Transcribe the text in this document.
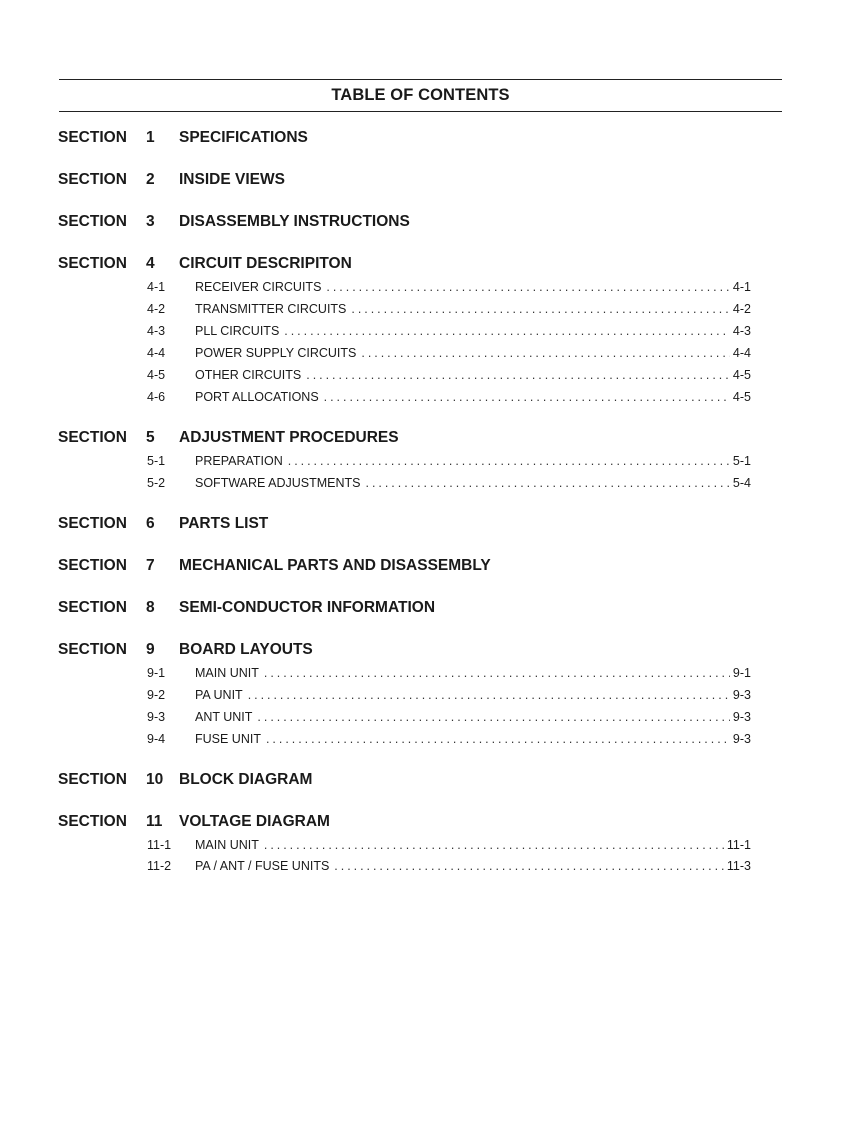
TABLE OF CONTENTS
SECTION 1 SPECIFICATIONS
SECTION 2 INSIDE VIEWS
SECTION 3 DISASSEMBLY INSTRUCTIONS
SECTION 4 CIRCUIT DESCRIPITON
4-1 RECEIVER CIRCUITS . . .	4-1
4-2 TRANSMITTER CIRCUITS . . .	4-2
4-3 PLL CIRCUITS . . .	4-3
4-4 POWER SUPPLY CIRCUITS . . .	4-4
4-5 OTHER CIRCUITS . . .	4-5
4-6 PORT ALLOCATIONS . . .	4-5
SECTION 5 ADJUSTMENT PROCEDURES
5-1 PREPARATION . . .	5-1
5-2 SOFTWARE ADJUSTMENTS . . .	5-4
SECTION 6 PARTS LIST
SECTION 7 MECHANICAL PARTS AND DISASSEMBLY
SECTION 8 SEMI-CONDUCTOR INFORMATION
SECTION 9 BOARD LAYOUTS
9-1 MAIN UNIT . . .	9-1
9-2 PA UNIT . . .	9-3
9-3 ANT UNIT . . .	9-3
9-4 FUSE UNIT . . .	9-3
SECTION 10 BLOCK DIAGRAM
SECTION 11 VOLTAGE DIAGRAM
11-1 MAIN UNIT . . .	11-1
11-2 PA / ANT / FUSE UNITS . . .	11-3
